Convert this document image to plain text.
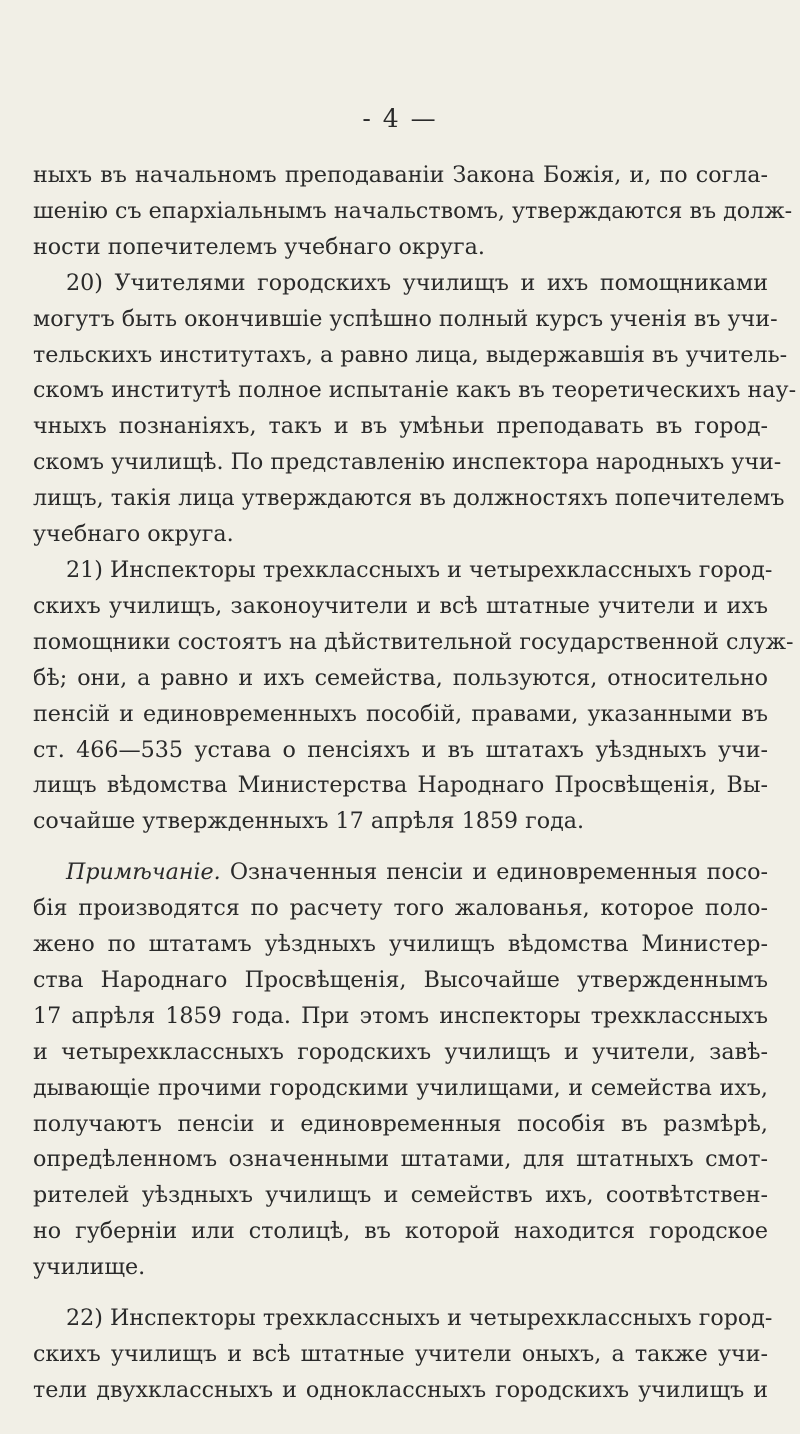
- 4 —
ныхъ въ начальномъ преподаваніи Закона Божія, и, по согла-
шенію съ епархіальнымъ начальствомъ, утверждаются въ долж-
ности попечителемъ учебнаго округа.
20) Учителями городскихъ училищъ и ихъ помощниками
могутъ быть окончившіе успѣшно полный курсъ ученія въ учи-
тельскихъ институтахъ, а равно лица, выдержавшія въ учитель-
скомъ институтѣ полное испытаніе какъ въ теоретическихъ нау-
чныхъ познаніяхъ, такъ и въ умѣньи преподавать въ город-
скомъ училищѣ. По представленію инспектора народныхъ учи-
лищъ, такія лица утверждаются въ должностяхъ попечителемъ
учебнаго округа.
21) Инспекторы трехклассныхъ и четырехклассныхъ город-
скихъ училищъ, законоучители и всѣ штатные учители и ихъ
помощники состоятъ на дѣйствительной государственной служ-
бѣ; они, а равно и ихъ семейства, пользуются, относительно
пенсій и единовременныхъ пособій, правами, указанными въ
ст. 466—535 устава о пенсіяхъ и въ штатахъ уѣздныхъ учи-
лищъ вѣдомства Министерства Народнаго Просвѣщенія, Вы-
сочайше утвержденныхъ 17 апрѣля 1859 года.
Примѣчаніе. Означенныя пенсіи и единовременныя посо-
бія производятся по расчету того жалованья, которое поло-
жено по штатамъ уѣздныхъ училищъ вѣдомства Министер-
ства Народнаго Просвѣщенія, Высочайше утвержденнымъ
17 апрѣля 1859 года. При этомъ инспекторы трехклассныхъ
и четырехклассныхъ городскихъ училищъ и учители, завѣ-
дывающіе прочими городскими училищами, и семейства ихъ,
получаютъ пенсіи и единовременныя пособія въ размѣрѣ,
опредѣленномъ означенными штатами, для штатныхъ смот-
рителей уѣздныхъ училищъ и семействъ ихъ, соотвѣтствен-
но губерніи или столицѣ, въ которой находится городское
училище.
22) Инспекторы трехклассныхъ и четырехклассныхъ город-
скихъ училищъ и всѣ штатные учители оныхъ, а также учи-
тели двухклассныхъ и одноклассныхъ городскихъ училищъ и
